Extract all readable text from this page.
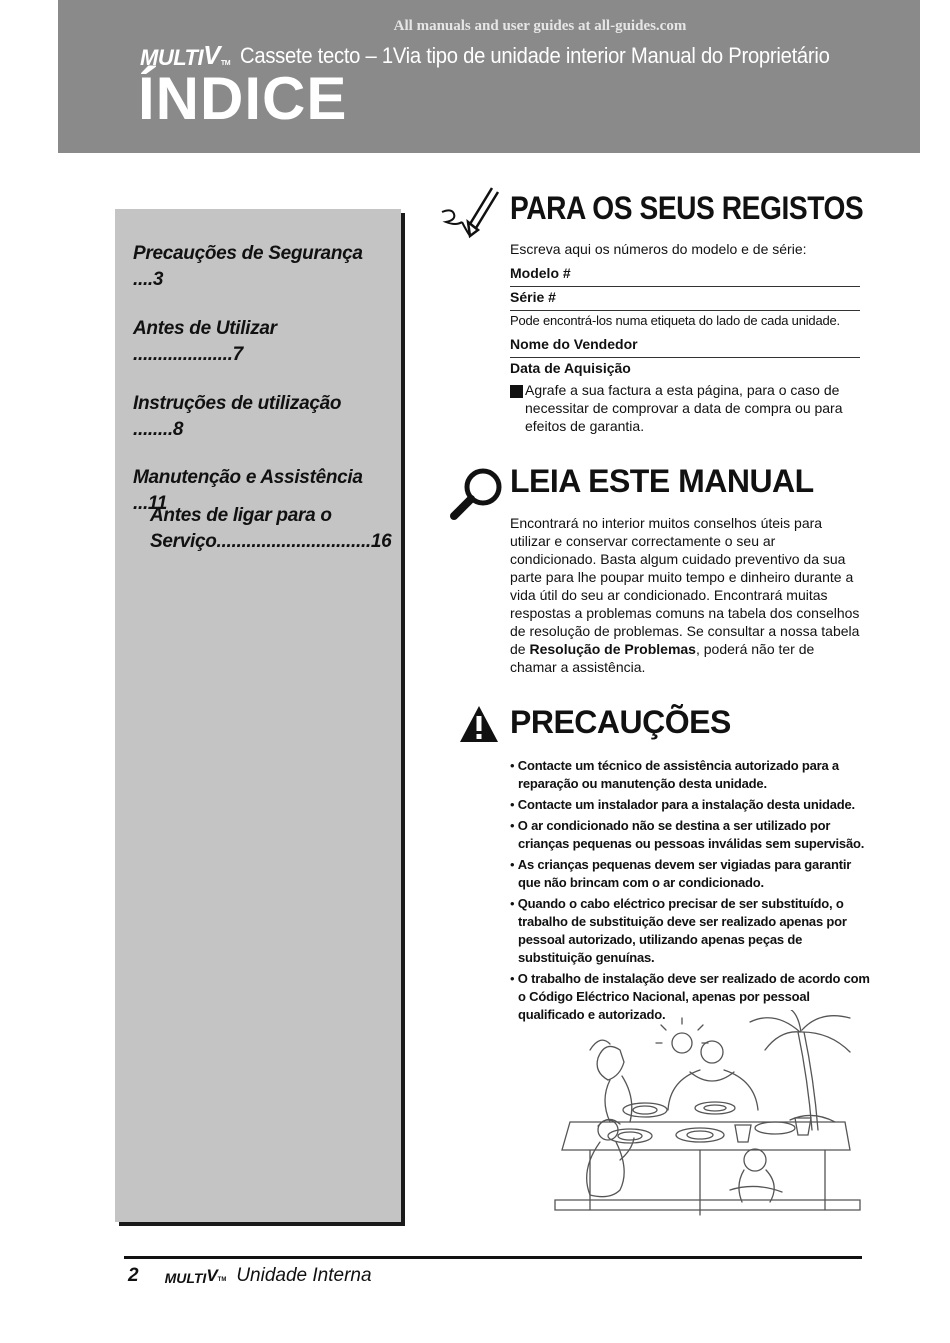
All manuals and user guides at all-guides.com
MULTI V TM Cassete tecto – 1Via tipo de unidade interior Manual do Proprietário
ÍNDICE
Precauções de Segurança ....3
Antes de Utilizar ....................7
Instruções de utilização ........8
Manutenção e Assistência ...11
Antes de ligar para o Serviço...............................16
PARA OS SEUS REGISTOS
Escreva aqui os números do modelo e de série:
Modelo #
Série #
Pode encontrá-los numa etiqueta do lado de cada unidade.
Nome do Vendedor
Data de Aquisição
Agrafe a sua factura a esta página, para o caso de necessitar de comprovar a data de compra ou para efeitos de garantia.
LEIA ESTE MANUAL
Encontrará no interior muitos conselhos úteis para utilizar e conservar correctamente o seu ar condicionado. Basta algum cuidado preventivo da sua parte para lhe poupar muito tempo e dinheiro durante a vida útil do seu ar condicionado. Encontrará muitas respostas a problemas comuns na tabela dos conselhos de resolução de problemas. Se consultar a nossa tabela de Resolução de Problemas, poderá não ter de chamar a assistência.
PRECAUÇÕES
• Contacte um técnico de assistência autorizado para a reparação ou manutenção desta unidade.
• Contacte um instalador para a instalação desta unidade.
• O ar condicionado não se destina a ser utilizado por crianças pequenas ou pessoas inválidas sem supervisão.
• As crianças pequenas devem ser vigiadas para garantir que não brincam com o ar condicionado.
• Quando o cabo eléctrico precisar de ser substituído, o trabalho de substituição deve ser realizado apenas por pessoal autorizado, utilizando apenas peças de substituição genuínas.
• O trabalho de instalação deve ser realizado de acordo com o Código Eléctrico Nacional, apenas por pessoal qualificado e autorizado.
2 MULTI V TM Unidade Interna
